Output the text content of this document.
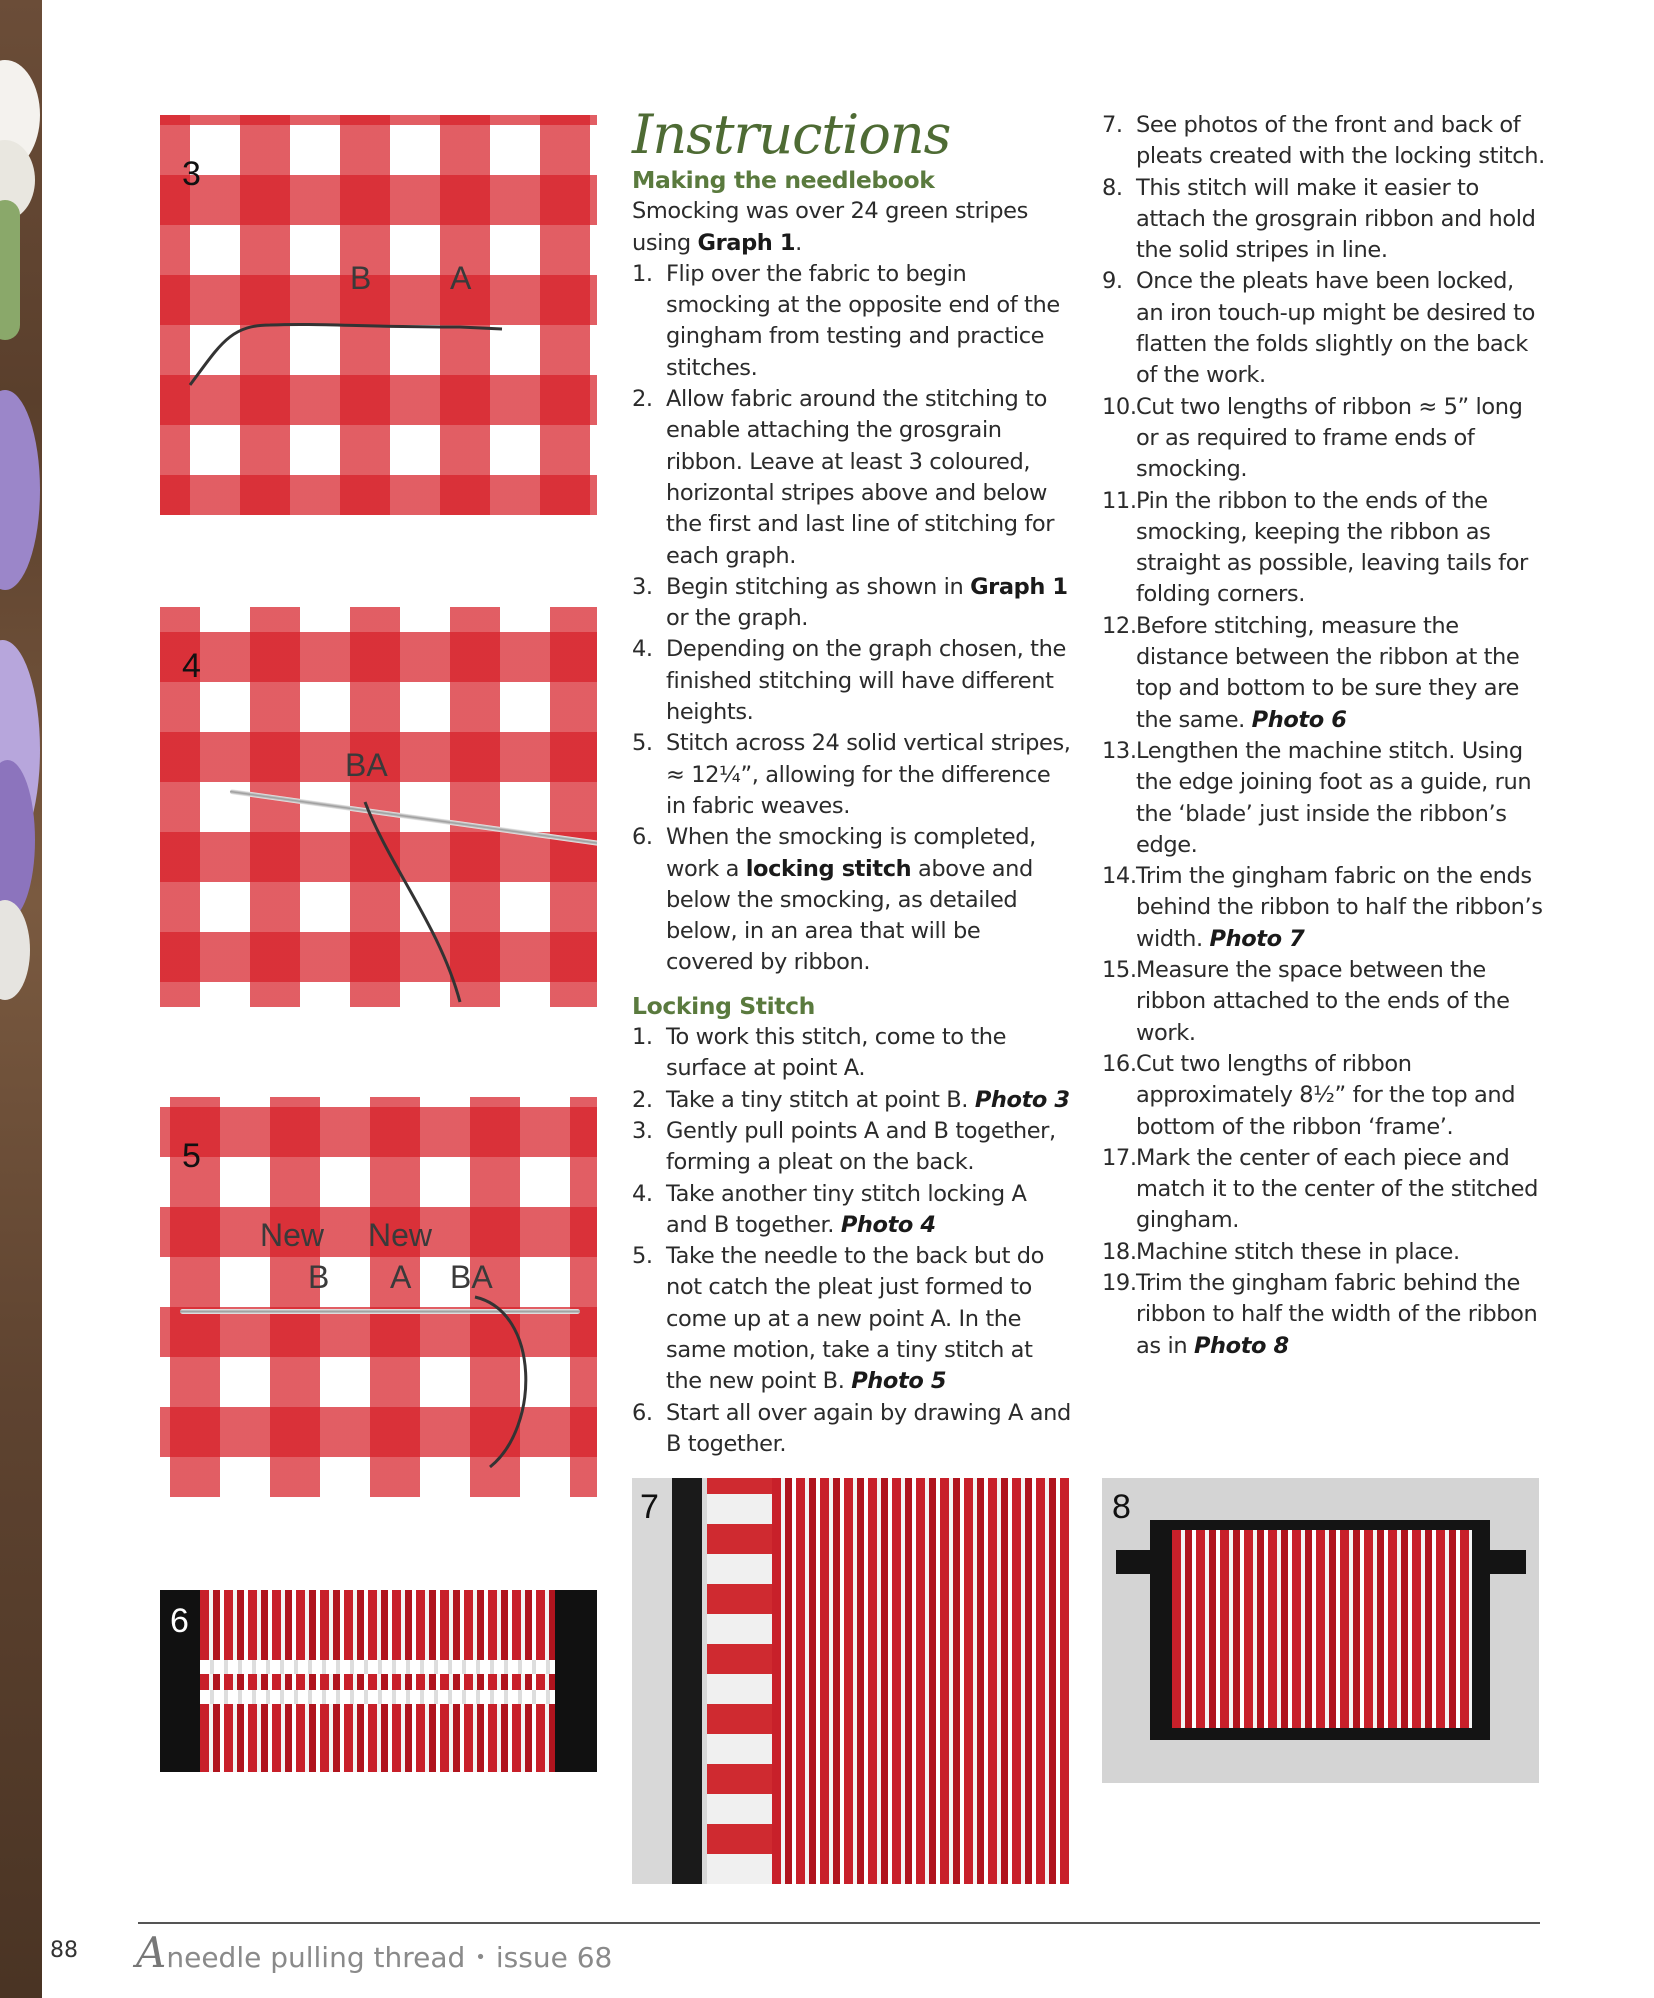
3
B A
4
BA
5
New New
B A BA
6
7	8
Instructions
Making the needlebook
Smocking was over 24 green stripes using Graph 1.
1. Flip over the fabric to begin smocking at the opposite end of the gingham from testing and practice stitches.
2. Allow fabric around the stitching to enable attaching the grosgrain ribbon. Leave at least 3 coloured, horizontal stripes above and below the first and last line of stitching for each graph.
3. Begin stitching as shown in Graph 1 or the graph.
4. Depending on the graph chosen, the finished stitching will have different heights.
5. Stitch across 24 solid vertical stripes, ≈ 12¼”, allowing for the difference in fabric weaves.
6. When the smocking is completed, work a locking stitch above and below the smocking, as detailed below, in an area that will be covered by ribbon.
Locking Stitch
1. To work this stitch, come to the surface at point A.
2. Take a tiny stitch at point B. Photo 3
3. Gently pull points A and B together, forming a pleat on the back.
4. Take another tiny stitch locking A and B together. Photo 4
5. Take the needle to the back but do not catch the pleat just formed to come up at a new point A. In the same motion, take a tiny stitch at the new point B. Photo 5
6. Start all over again by drawing A and B together.
7. See photos of the front and back of pleats created with the locking stitch.
8. This stitch will make it easier to attach the grosgrain ribbon and hold the solid stripes in line.
9. Once the pleats have been locked, an iron touch-up might be desired to flatten the folds slightly on the back of the work.
10. Cut two lengths of ribbon ≈ 5” long or as required to frame ends of smocking.
11. Pin the ribbon to the ends of the smocking, keeping the ribbon as straight as possible, leaving tails for folding corners.
12. Before stitching, measure the distance between the ribbon at the top and bottom to be sure they are the same. Photo 6
13. Lengthen the machine stitch. Using the edge joining foot as a guide, run the ‘blade’ just inside the ribbon’s edge.
14. Trim the gingham fabric on the ends behind the ribbon to half the ribbon’s width. Photo 7
15. Measure the space between the ribbon attached to the ends of the work.
16. Cut two lengths of ribbon approximately 8½” for the top and bottom of the ribbon ‘frame’.
17. Mark the center of each piece and match it to the center of the stitched gingham.
18. Machine stitch these in place.
19. Trim the gingham fabric behind the ribbon to half the width of the ribbon as in Photo 8
88 Aneedle pulling thread • issue 68
